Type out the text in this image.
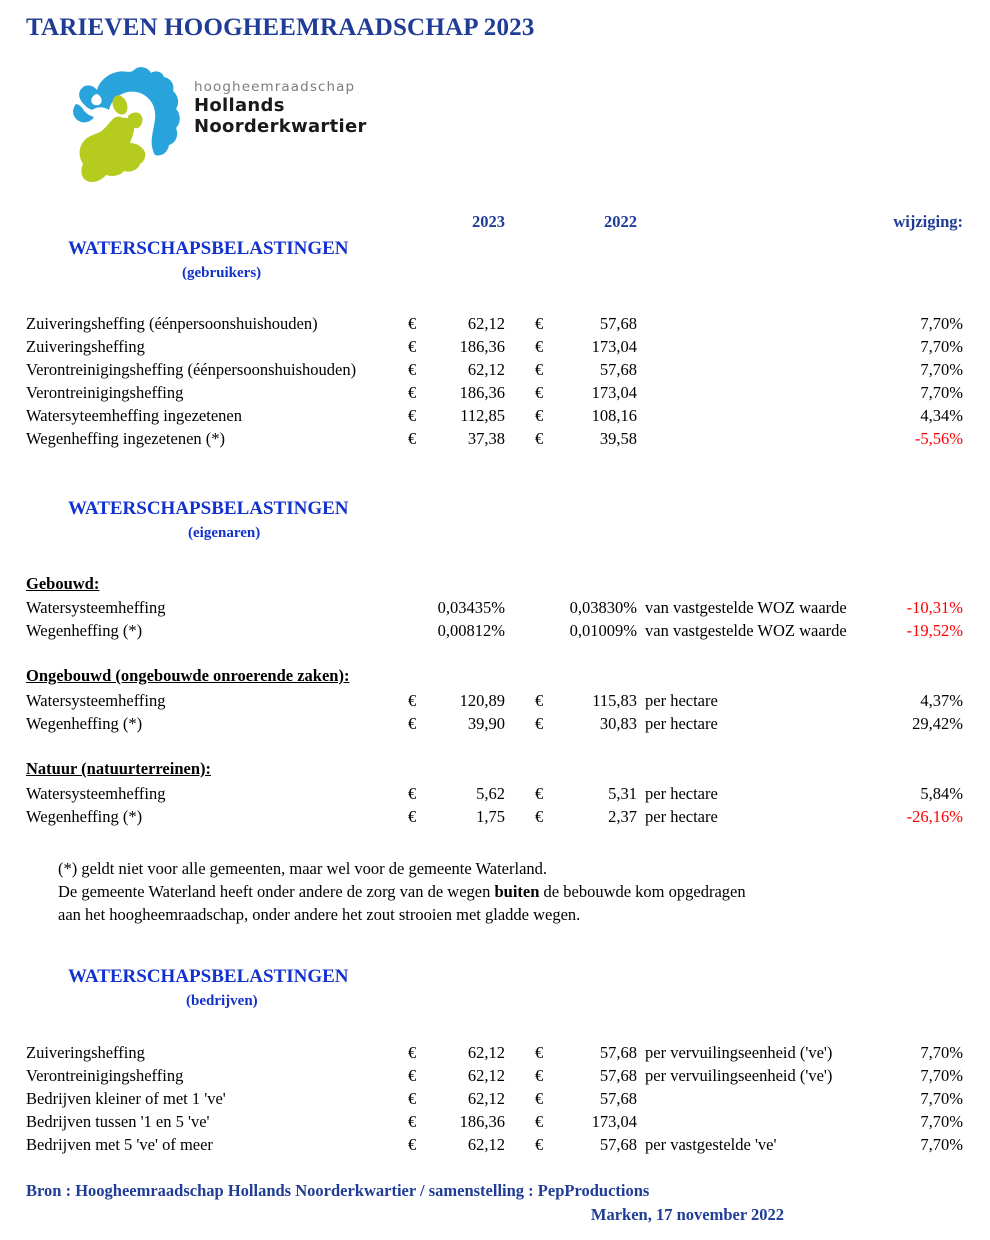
TARIEVEN HOOGHEEMRAADSCHAP 2023
hoogheemraadschap
Hollands
Noorderkwartier
2023	2022	wijziging:
WATERSCHAPSBELASTINGEN
(gebruikers)
Zuiveringsheffing (éénpersoonshuishouden)	€	62,12 €	57,68	7,70%
Zuiveringsheffing	€	186,36 €	173,04	7,70%
Verontreinigingsheffing (éénpersoonshuishouden)	€	62,12 €	57,68	7,70%
Verontreinigingsheffing	€	186,36 €	173,04	7,70%
Watersyteemheffing ingezetenen	€	112,85 €	108,16	4,34%
Wegenheffing ingezetenen (*)	€	37,38 €	39,58	-5,56%
WATERSCHAPSBELASTINGEN
(eigenaren)
Gebouwd:
Watersysteemheffing	0,03435%	0,03830% van vastgestelde WOZ waarde	-10,31%
Wegenheffing (*)	0,00812%	0,01009% van vastgestelde WOZ waarde	-19,52%
Ongebouwd (ongebouwde onroerende zaken):
Watersysteemheffing	€	120,89 €	115,83 per hectare	4,37%
Wegenheffing (*)	€	39,90 €	30,83 per hectare	29,42%
Natuur (natuurterreinen):
Watersysteemheffing	€	5,62 €	5,31 per hectare	5,84%
Wegenheffing (*)	€	1,75 €	2,37 per hectare	-26,16%
(*) geldt niet voor alle gemeenten, maar wel voor de gemeente Waterland.
De gemeente Waterland heeft onder andere de zorg van de wegen buiten de bebouwde kom opgedragen
aan het hoogheemraadschap, onder andere het zout strooien met gladde wegen.
WATERSCHAPSBELASTINGEN
(bedrijven)
Zuiveringsheffing	€	62,12 €	57,68 per vervuilingseenheid ('ve')	7,70%
Verontreinigingsheffing	€	62,12 €	57,68 per vervuilingseenheid ('ve')	7,70%
Bedrijven kleiner of met 1 've'	€	62,12 €	57,68	7,70%
Bedrijven tussen '1 en 5 've'	€	186,36 €	173,04	7,70%
Bedrijven met 5 've' of meer	€	62,12 €	57,68 per vastgestelde 've'	7,70%
Bron : Hoogheemraadschap Hollands Noorderkwartier / samenstelling : PepProductions
Marken, 17 november 2022
